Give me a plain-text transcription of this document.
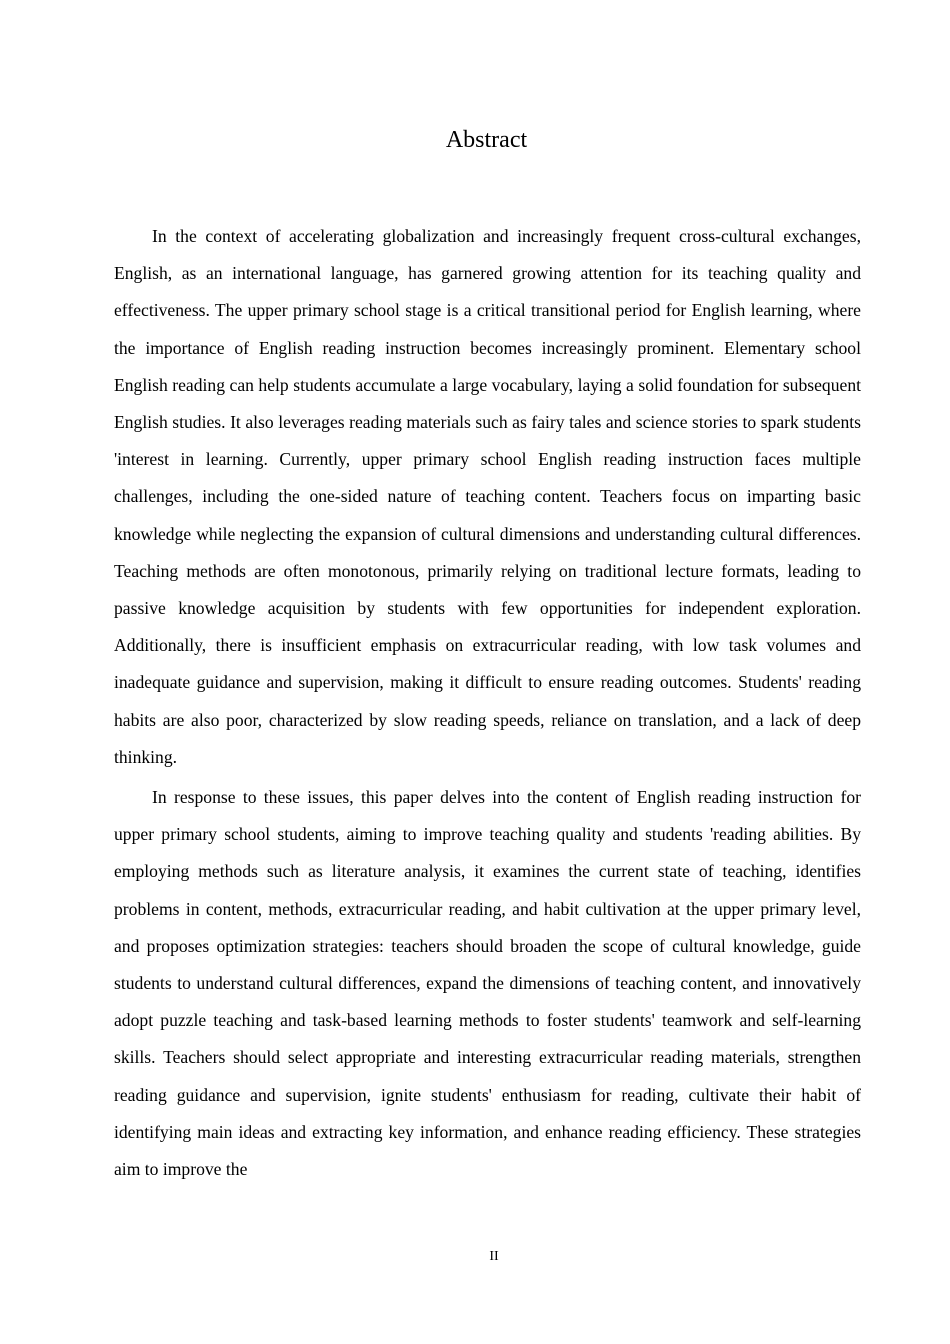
Abstract

In the context of accelerating globalization and increasingly frequent cross-cultural exchanges, English, as an international language, has garnered growing attention for its teaching quality and effectiveness. The upper primary school stage is a critical transitional period for English learning, where the importance of English reading instruction becomes increasingly prominent. Elementary school English reading can help students accumulate a large vocabulary, laying a solid foundation for subsequent English studies. It also leverages reading materials such as fairy tales and science stories to spark students 'interest in learning. Currently, upper primary school English reading instruction faces multiple challenges, including the one-sided nature of teaching content. Teachers focus on imparting basic knowledge while neglecting the expansion of cultural dimensions and understanding cultural differences. Teaching methods are often monotonous, primarily relying on traditional lecture formats, leading to passive knowledge acquisition by students with few opportunities for independent exploration. Additionally, there is insufficient emphasis on extracurricular reading, with low task volumes and inadequate guidance and supervision, making it difficult to ensure reading outcomes. Students' reading habits are also poor, characterized by slow reading speeds, reliance on translation, and a lack of deep thinking.

In response to these issues, this paper delves into the content of English reading instruction for upper primary school students, aiming to improve teaching quality and students 'reading abilities. By employing methods such as literature analysis, it examines the current state of teaching, identifies problems in content, methods, extracurricular reading, and habit cultivation at the upper primary level, and proposes optimization strategies: teachers should broaden the scope of cultural knowledge, guide students to understand cultural differences, expand the dimensions of teaching content, and innovatively adopt puzzle teaching and task-based learning methods to foster students' teamwork and self-learning skills. Teachers should select appropriate and interesting extracurricular reading materials, strengthen reading guidance and supervision, ignite students' enthusiasm for reading, cultivate their habit of identifying main ideas and extracting key information, and enhance reading efficiency. These strategies aim to improve the

II
